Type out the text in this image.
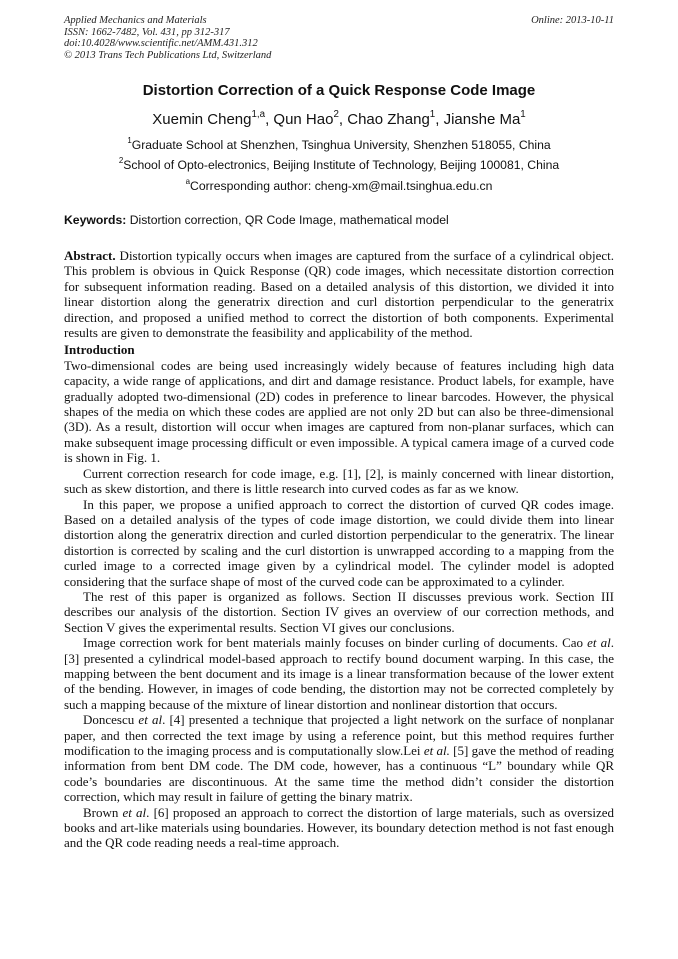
Applied Mechanics and Materials
ISSN: 1662-7482, Vol. 431, pp 312-317
doi:10.4028/www.scientific.net/AMM.431.312
© 2013 Trans Tech Publications Ltd, Switzerland
Online: 2013-10-11
Distortion Correction of a Quick Response Code Image
Xuemin Cheng$^{1,a}$, Qun Hao$^2$, Chao Zhang$^1$, Jianshe Ma$^1$
$^1$Graduate School at Shenzhen, Tsinghua University, Shenzhen 518055, China
$^2$School of Opto-electronics, Beijing Institute of Technology, Beijing 100081, China
$^a$Corresponding author: cheng-xm@mail.tsinghua.edu.cn
Keywords: Distortion correction, QR Code Image, mathematical model

Abstract. Distortion typically occurs when images are captured from the surface of a cylindrical object. This problem is obvious in Quick Response (QR) code images, which necessitate distortion correction for subsequent information reading. Based on a detailed analysis of this distortion, we divided it into linear distortion along the generatrix direction and curl distortion perpendicular to the generatrix direction, and proposed a unified method to correct the distortion of both components. Experimental results are given to demonstrate the feasibility and applicability of the method.

Introduction

Two-dimensional codes are being used increasingly widely because of features including high data capacity, a wide range of applications, and dirt and damage resistance. Product labels, for example, have gradually adopted two-dimensional (2D) codes in preference to linear barcodes. However, the physical shapes of the media on which these codes are applied are not only 2D but can also be three-dimensional (3D). As a result, distortion will occur when images are captured from non-planar surfaces, which can make subsequent image processing difficult or even impossible. A typical camera image of a curved code is shown in Fig. 1.

Current correction research for code image, e.g. [1], [2], is mainly concerned with linear distortion, such as skew distortion, and there is little research into curved codes as far as we know.

In this paper, we propose a unified approach to correct the distortion of curved QR codes image. Based on a detailed analysis of the types of code image distortion, we could divide them into linear distortion along the generatrix direction and curled distortion perpendicular to the generatrix. The linear distortion is corrected by scaling and the curl distortion is unwrapped according to a mapping from the curled image to a corrected image given by a cylindrical model. The cylinder model is adopted considering that the surface shape of most of the curved code can be approximated to a cylinder.

The rest of this paper is organized as follows. Section II discusses previous work. Section III describes our analysis of the distortion. Section IV gives an overview of our correction methods, and Section V gives the experimental results. Section VI gives our conclusions.

Image correction work for bent materials mainly focuses on binder curling of documents. Cao et al. [3] presented a cylindrical model-based approach to rectify bound document warping. In this case, the mapping between the bent document and its image is a linear transformation because of the lower extent of the bending. However, in images of code bending, the distortion may not be corrected completely by such a mapping because of the mixture of linear distortion and nonlinear distortion that occurs.

Doncescu et al. [4] presented a technique that projected a light network on the surface of nonplanar paper, and then corrected the text image by using a reference point, but this method requires further modification to the imaging process and is computationally slow.Lei et al. [5] gave the method of reading information from bent DM code. The DM code, however, has a continuous “L” boundary while QR code’s boundaries are discontinuous. At the same time the method didn’t consider the distortion correction, which may result in failure of getting the binary matrix.

Brown et al. [6] proposed an approach to correct the distortion of large materials, such as oversized books and art-like materials using boundaries. However, its boundary detection method is not fast enough and the QR code reading needs a real-time approach.
